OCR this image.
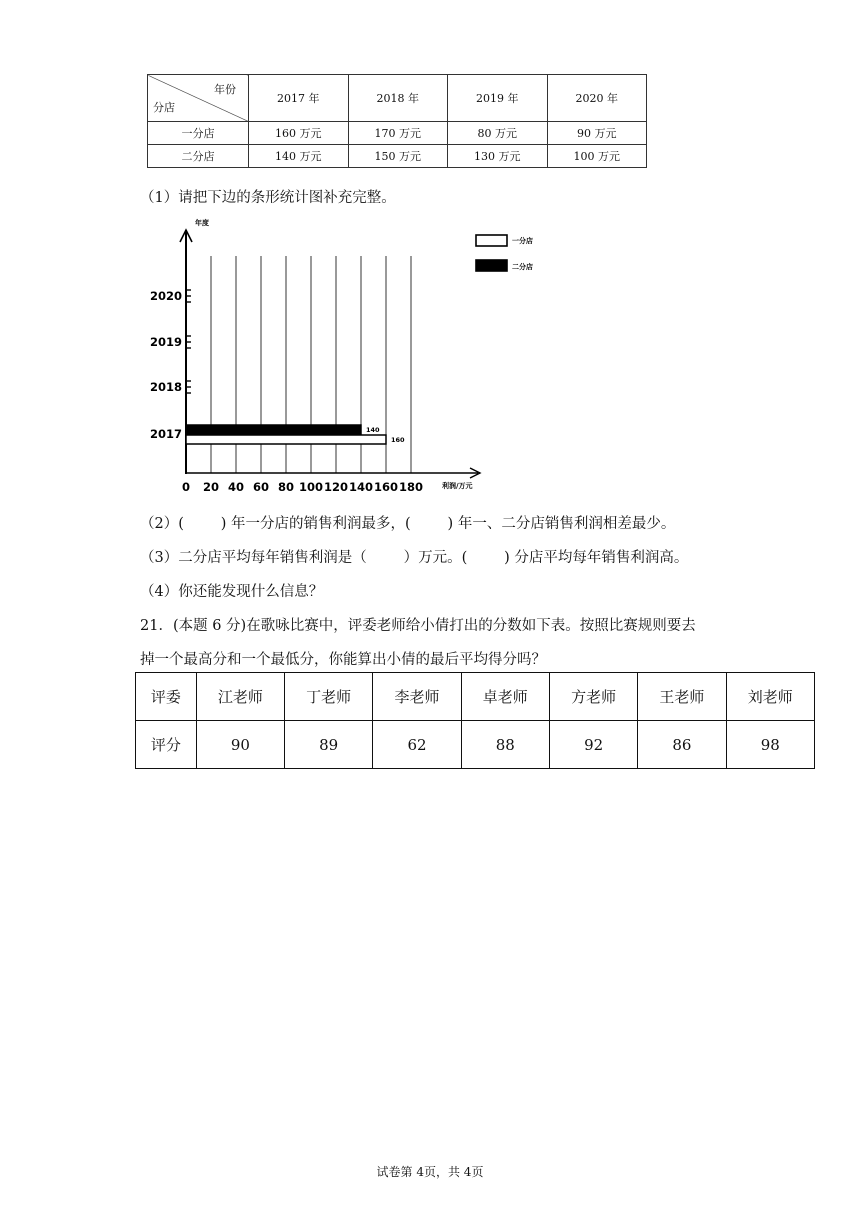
年份
分店	2017 年	2018 年	2019 年	2020 年
一分店	160 万元	170 万元	80 万元	90 万元
二分店	140 万元	150 万元	130 万元	100 万元
（1）请把下边的条形统计图补充完整。
年度
利润/万元
0 20 40 60 80 100 120 140 160 180
2017
2018
2019
2020
140
160
一分店
二分店
（2）(        ) 年一分店的销售利润最多，(        ) 年一、二分店销售利润相差最少。
（3）二分店平均每年销售利润是（        ）万元。(        ) 分店平均每年销售利润高。
（4）你还能发现什么信息？
21．(本题 6 分)在歌咏比赛中，评委老师给小倩打出的分数如下表。按照比赛规则要去
掉一个最高分和一个最低分，你能算出小倩的最后平均得分吗？
评委	江老师	丁老师	李老师	卓老师	方老师	王老师	刘老师
评分	90	89	62	88	92	86	98
试卷第 4页，共 4页
